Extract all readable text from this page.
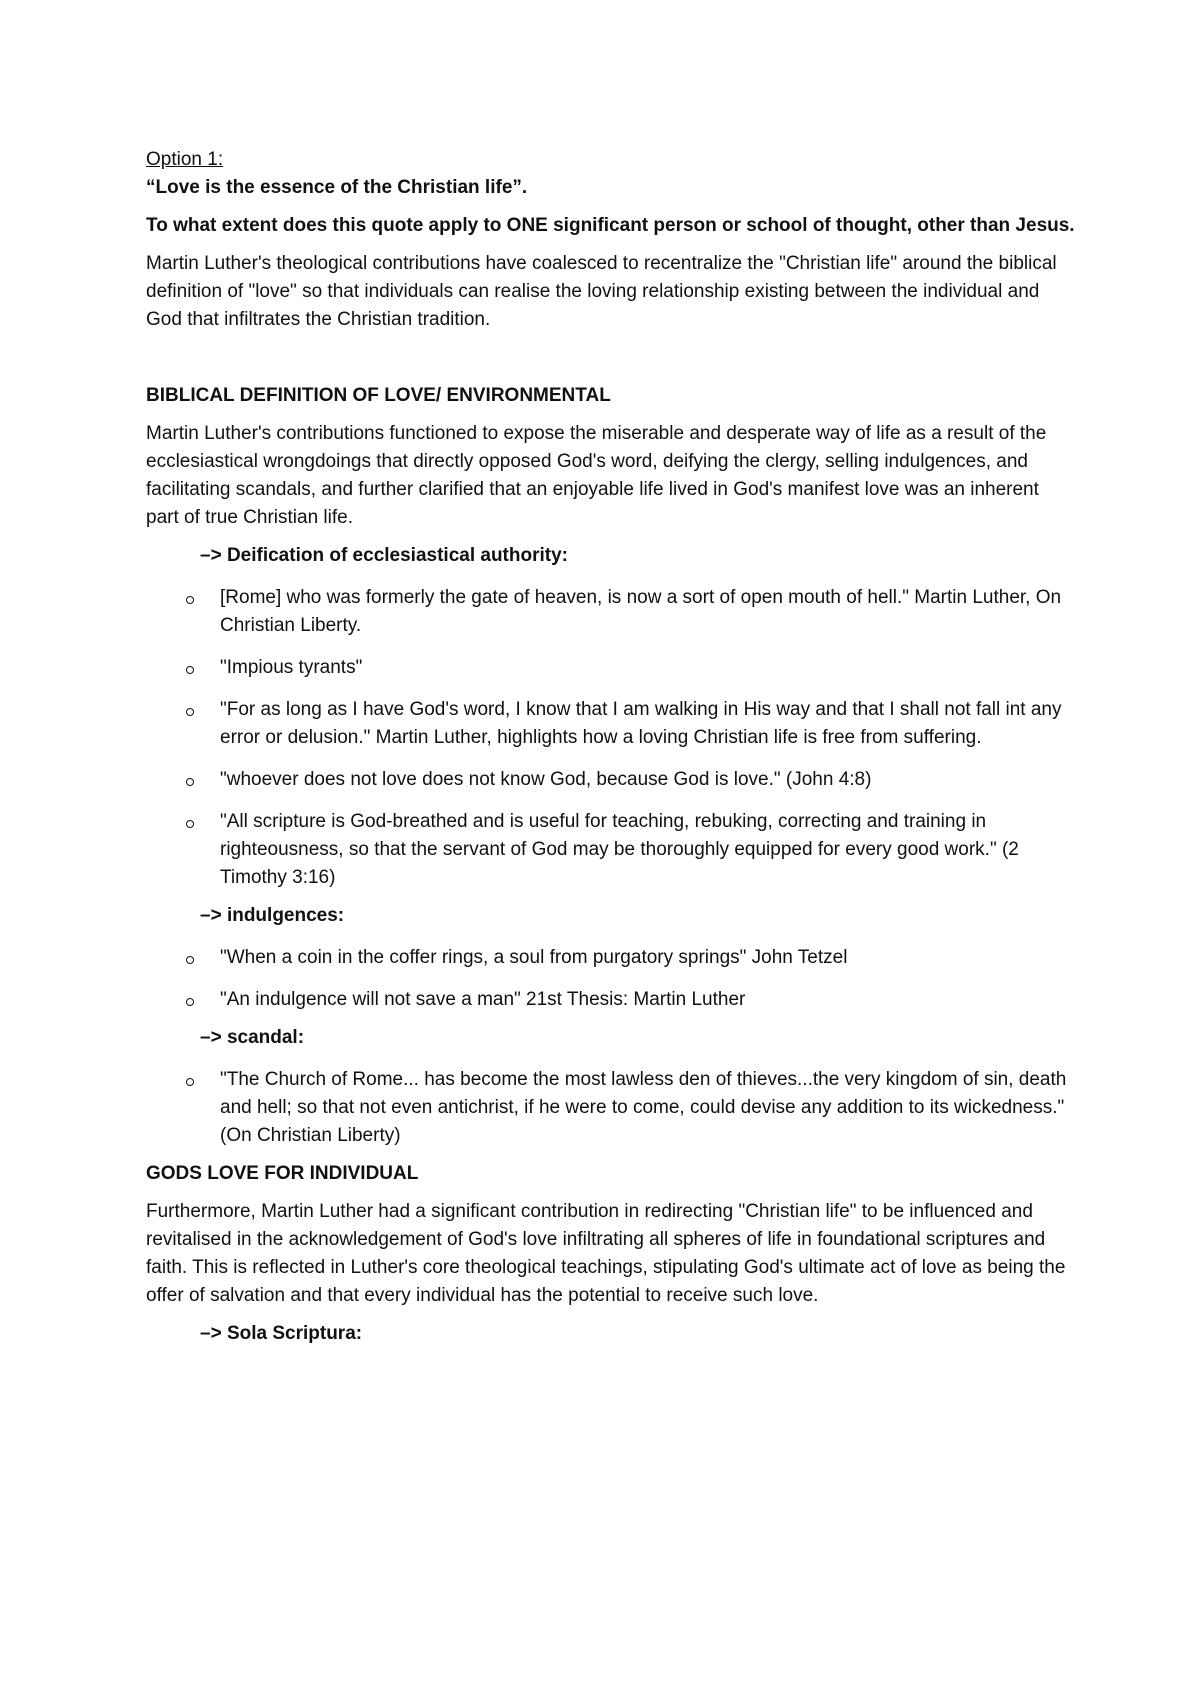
Option 1:

“Love is the essence of the Christian life”.

To what extent does this quote apply to ONE significant person or school of thought, other than Jesus.

Martin Luther's theological contributions have coalesced to recentralize the "Christian life" around the biblical definition of "love" so that individuals can realise the loving relationship existing between the individual and God that infiltrates the Christian tradition.

BIBLICAL DEFINITION OF LOVE/ ENVIRONMENTAL

Martin Luther's contributions functioned to expose the miserable and desperate way of life as a result of the ecclesiastical wrongdoings that directly opposed God's word, deifying the clergy, selling indulgences, and facilitating scandals, and further clarified that an enjoyable life lived in God's manifest love was an inherent part of true Christian life.

–> Deification of ecclesiastical authority:

[Rome] who was formerly the gate of heaven, is now a sort of open mouth of hell." Martin Luther, On Christian Liberty.
"Impious tyrants"
"For as long as I have God's word, I know that I am walking in His way and that I shall not fall int any error or delusion." Martin Luther, highlights how a loving Christian life is free from suffering.
"whoever does not love does not know God, because God is love." (John 4:8)
"All scripture is God-breathed and is useful for teaching, rebuking, correcting and training in righteousness, so that the servant of God may be thoroughly equipped for every good work." (2 Timothy 3:16)

–> indulgences:

"When a coin in the coffer rings, a soul from purgatory springs" John Tetzel
"An indulgence will not save a man" 21st Thesis: Martin Luther

–> scandal:

"The Church of Rome... has become the most lawless den of thieves...the very kingdom of sin, death and hell; so that not even antichrist, if he were to come, could devise any addition to its wickedness." (On Christian Liberty)

GODS LOVE FOR INDIVIDUAL

Furthermore, Martin Luther had a significant contribution in redirecting "Christian life" to be influenced and revitalised in the acknowledgement of God's love infiltrating all spheres of life in foundational scriptures and faith. This is reflected in Luther's core theological teachings, stipulating God's ultimate act of love as being the offer of salvation and that every individual has the potential to receive such love.

–> Sola Scriptura:
